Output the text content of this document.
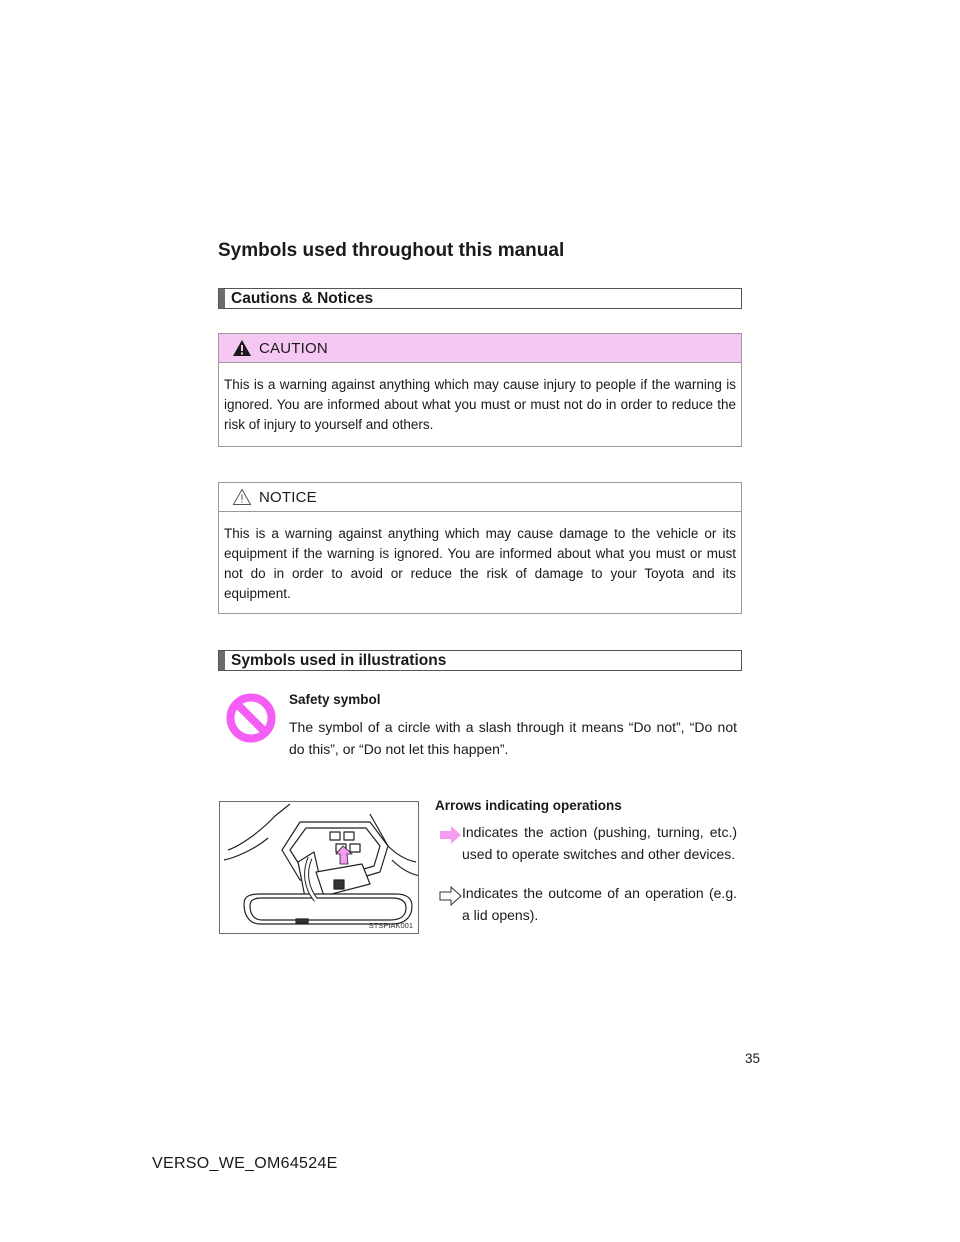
Symbols used throughout this manual
Cautions & Notices
CAUTION
This is a warning against anything which may cause injury to people if the warning is ignored. You are informed about what you must or must not do in order to reduce the risk of injury to yourself and others.
NOTICE
This is a warning against anything which may cause damage to the vehicle or its equipment if the warning is ignored. You are informed about what you must or must not do in order to avoid or reduce the risk of damage to your Toyota and its equipment.
Symbols used in illustrations
Safety symbol
The symbol of a circle with a slash through it means “Do not”, “Do not do this”, or “Do not let this happen”.
STSPIAK001
Arrows indicating operations
Indicates the action (pushing, turning, etc.) used to operate switches and other devices.
Indicates the outcome of an operation (e.g. a lid opens).
35
VERSO_WE_OM64524E
